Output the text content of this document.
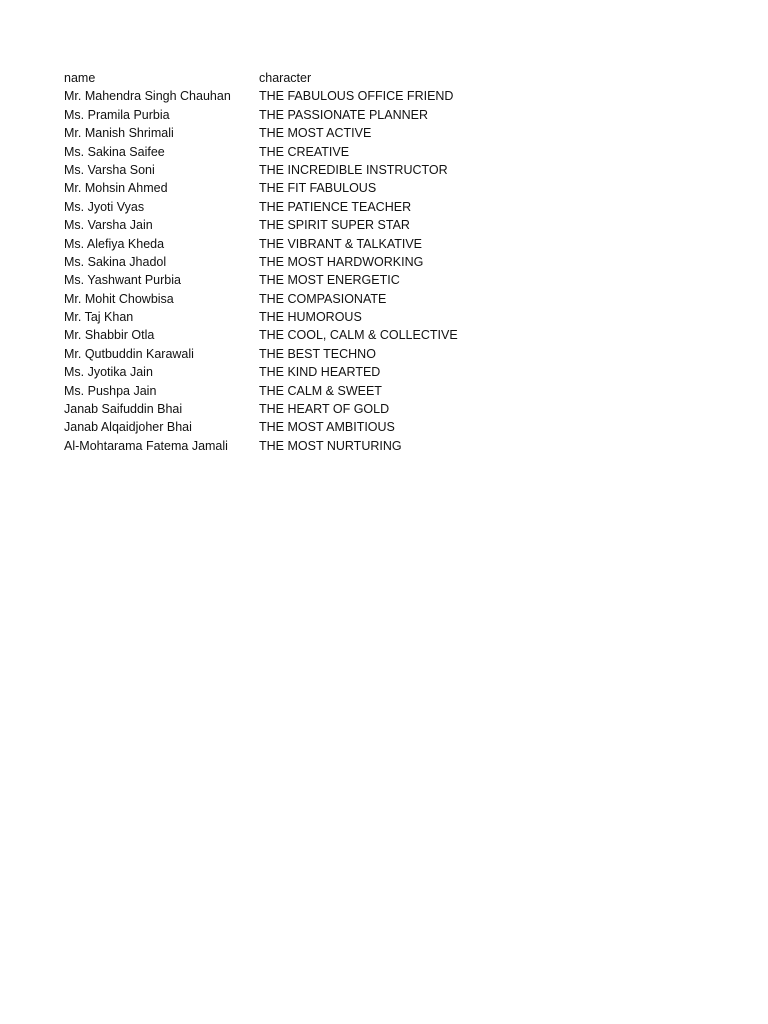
name	character
Mr. Mahendra Singh Chauhan	THE FABULOUS OFFICE FRIEND
Ms. Pramila Purbia	THE PASSIONATE PLANNER
Mr. Manish Shrimali	THE MOST ACTIVE
Ms. Sakina Saifee	THE CREATIVE
Ms. Varsha Soni	THE INCREDIBLE INSTRUCTOR
Mr. Mohsin Ahmed	THE FIT FABULOUS
Ms. Jyoti Vyas	THE PATIENCE TEACHER
Ms. Varsha Jain	THE SPIRIT SUPER STAR
Ms. Alefiya Kheda	THE VIBRANT & TALKATIVE
Ms. Sakina Jhadol	THE MOST HARDWORKING
Ms. Yashwant Purbia	THE MOST ENERGETIC
Mr. Mohit Chowbisa	THE COMPASIONATE
Mr. Taj Khan	THE HUMOROUS
Mr. Shabbir Otla	THE COOL, CALM & COLLECTIVE
Mr. Qutbuddin Karawali	THE BEST TECHNO
Ms. Jyotika Jain	THE KIND HEARTED
Ms. Pushpa Jain	THE CALM & SWEET
Janab Saifuddin Bhai	THE HEART OF GOLD
Janab Alqaidjoher Bhai	THE MOST AMBITIOUS
Al-Mohtarama Fatema Jamali	THE MOST NURTURING
